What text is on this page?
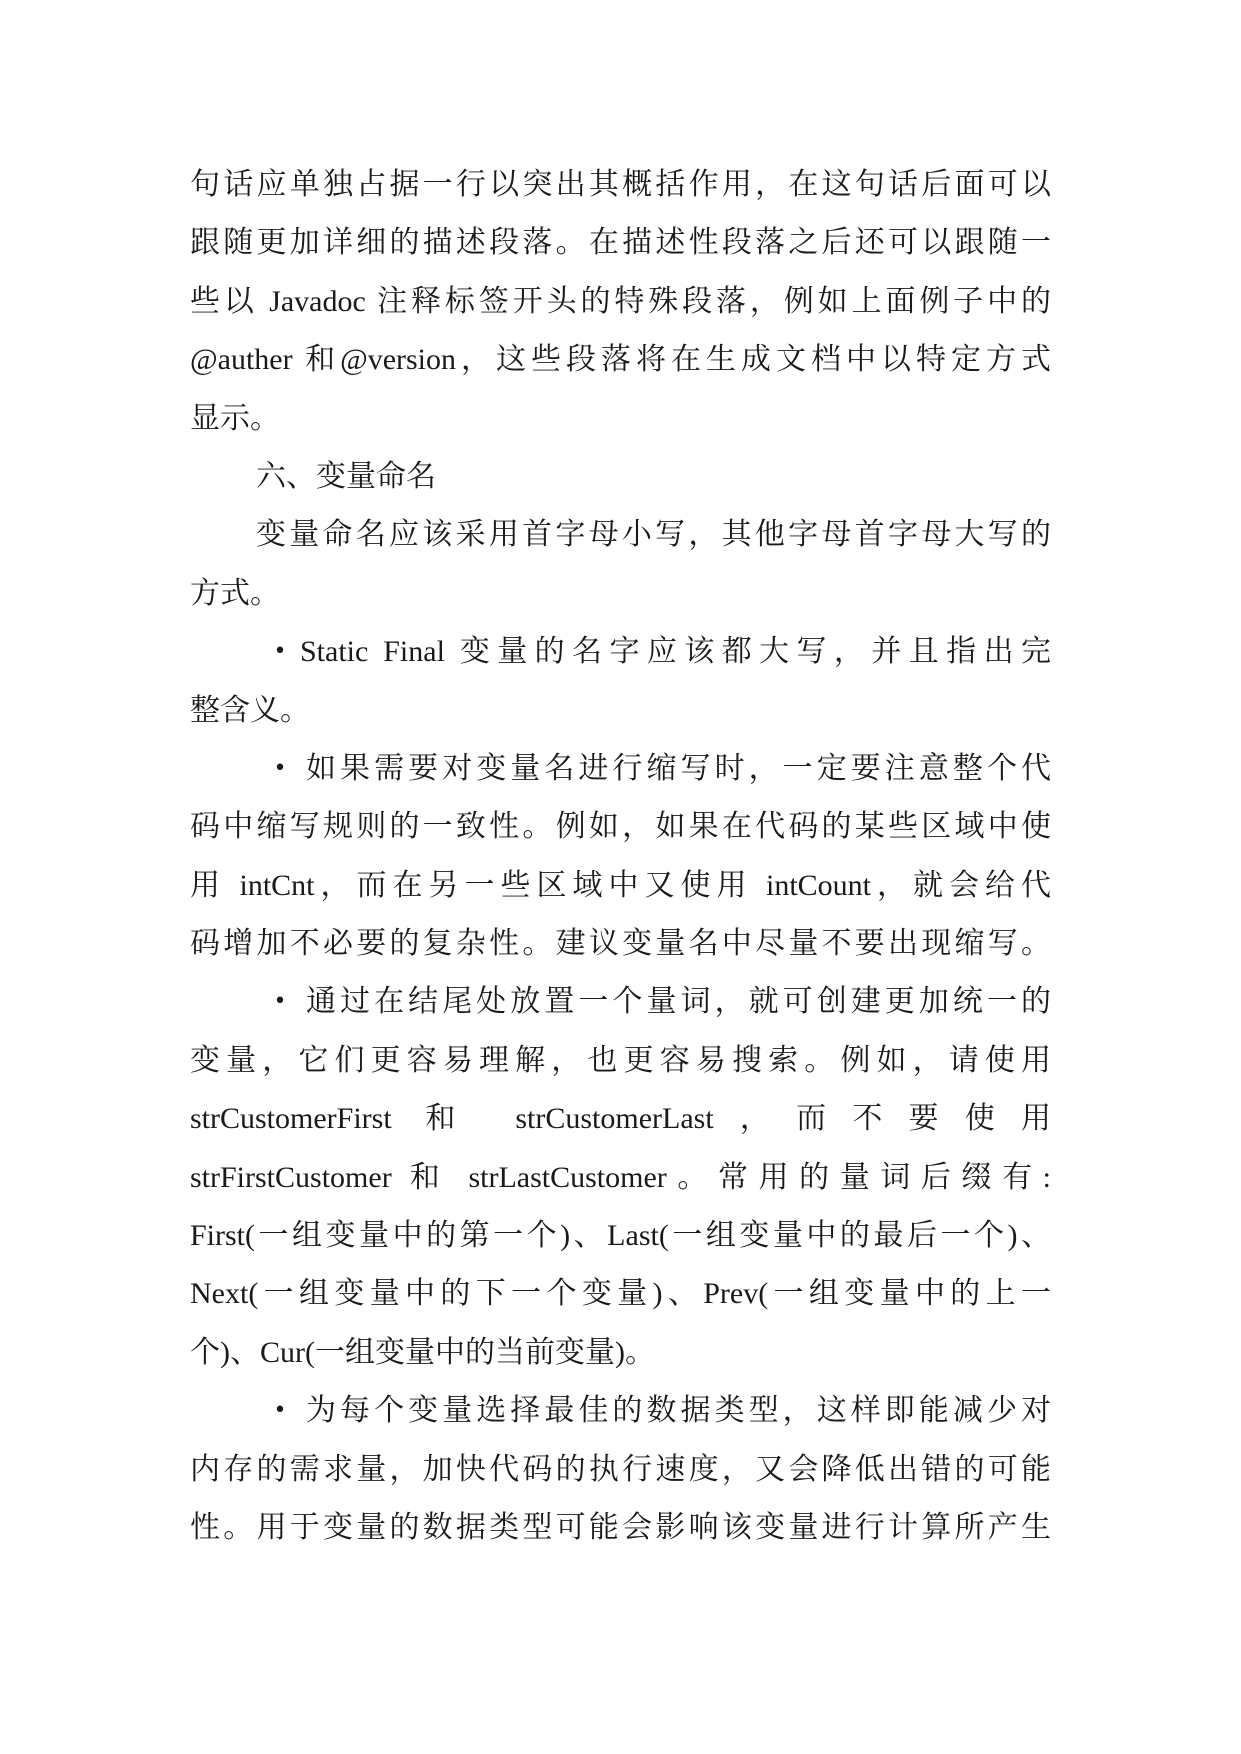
句话应单独占据一行以突出其概括作用，在这句话后面可以
跟随更加详细的描述段落。在描述性段落之后还可以跟随一
些以 Javadoc 注释标签开头的特殊段落，例如上面例子中的
@auther 和@version，这些段落将在生成文档中以特定方式
显示。
六、变量命名
变量命名应该采用首字母小写，其他字母首字母大写的
方式。
• Static Final 变量的名字应该都大写，并且指出完
整含义。
• 如果需要对变量名进行缩写时，一定要注意整个代
码中缩写规则的一致性。例如，如果在代码的某些区域中使
用 intCnt，而在另一些区域中又使用 intCount，就会给代
码增加不必要的复杂性。建议变量名中尽量不要出现缩写。
• 通过在结尾处放置一个量词，就可创建更加统一的
变量，它们更容易理解，也更容易搜索。例如，请使用
strCustomerFirst 和 strCustomerLast，而不要使用
strFirstCustomer 和 strLastCustomer。常用的量词后缀有:
First(一组变量中的第一个)、Last(一组变量中的最后一个)、
Next(一组变量中的下一个变量)、Prev(一组变量中的上一
个)、Cur(一组变量中的当前变量)。
• 为每个变量选择最佳的数据类型，这样即能减少对
内存的需求量，加快代码的执行速度，又会降低出错的可能
性。用于变量的数据类型可能会影响该变量进行计算所产生
